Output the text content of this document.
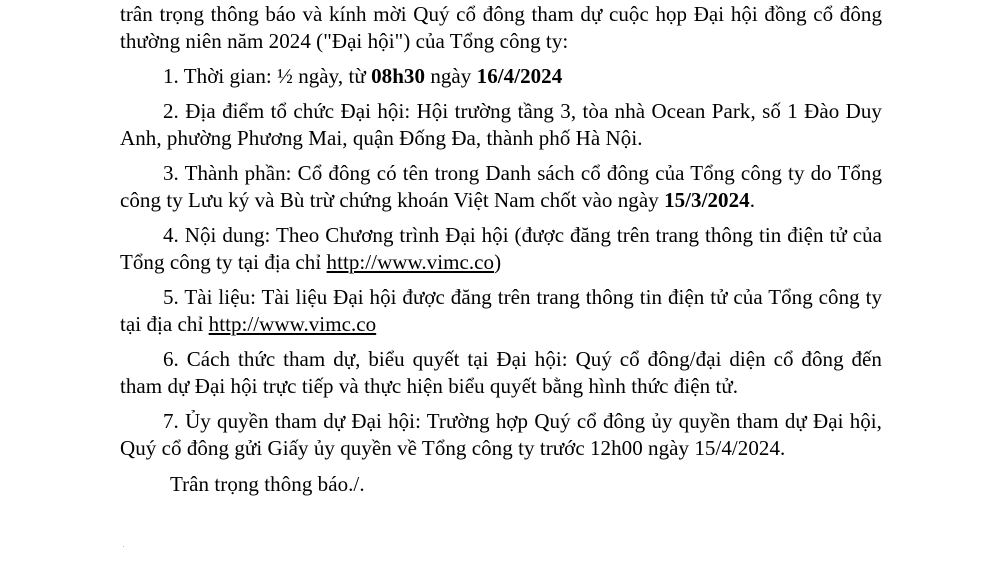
trân trọng thông báo và kính mời Quý cổ đông tham dự cuộc họp Đại hội đồng cổ đông thường niên năm 2024 ("Đại hội") của Tổng công ty:

1. Thời gian: ½ ngày, từ 08h30 ngày 16/4/2024

2. Địa điểm tổ chức Đại hội: Hội trường tầng 3, tòa nhà Ocean Park, số 1 Đào Duy Anh, phường Phương Mai, quận Đống Đa, thành phố Hà Nội.

3. Thành phần: Cổ đông có tên trong Danh sách cổ đông của Tổng công ty do Tổng công ty Lưu ký và Bù trừ chứng khoán Việt Nam chốt vào ngày 15/3/2024.

4. Nội dung: Theo Chương trình Đại hội (được đăng trên trang thông tin điện tử của Tổng công ty tại địa chỉ http://www.vimc.co)

5. Tài liệu: Tài liệu Đại hội được đăng trên trang thông tin điện tử của Tổng công ty tại địa chỉ http://www.vimc.co

6. Cách thức tham dự, biểu quyết tại Đại hội: Quý cổ đông/đại diện cổ đông đến tham dự Đại hội trực tiếp và thực hiện biểu quyết bằng hình thức điện tử.

7. Ủy quyền tham dự Đại hội: Trường hợp Quý cổ đông ủy quyền tham dự Đại hội, Quý cổ đông gửi Giấy ủy quyền về Tổng công ty trước 12h00 ngày 15/4/2024.

Trân trọng thông báo./.
